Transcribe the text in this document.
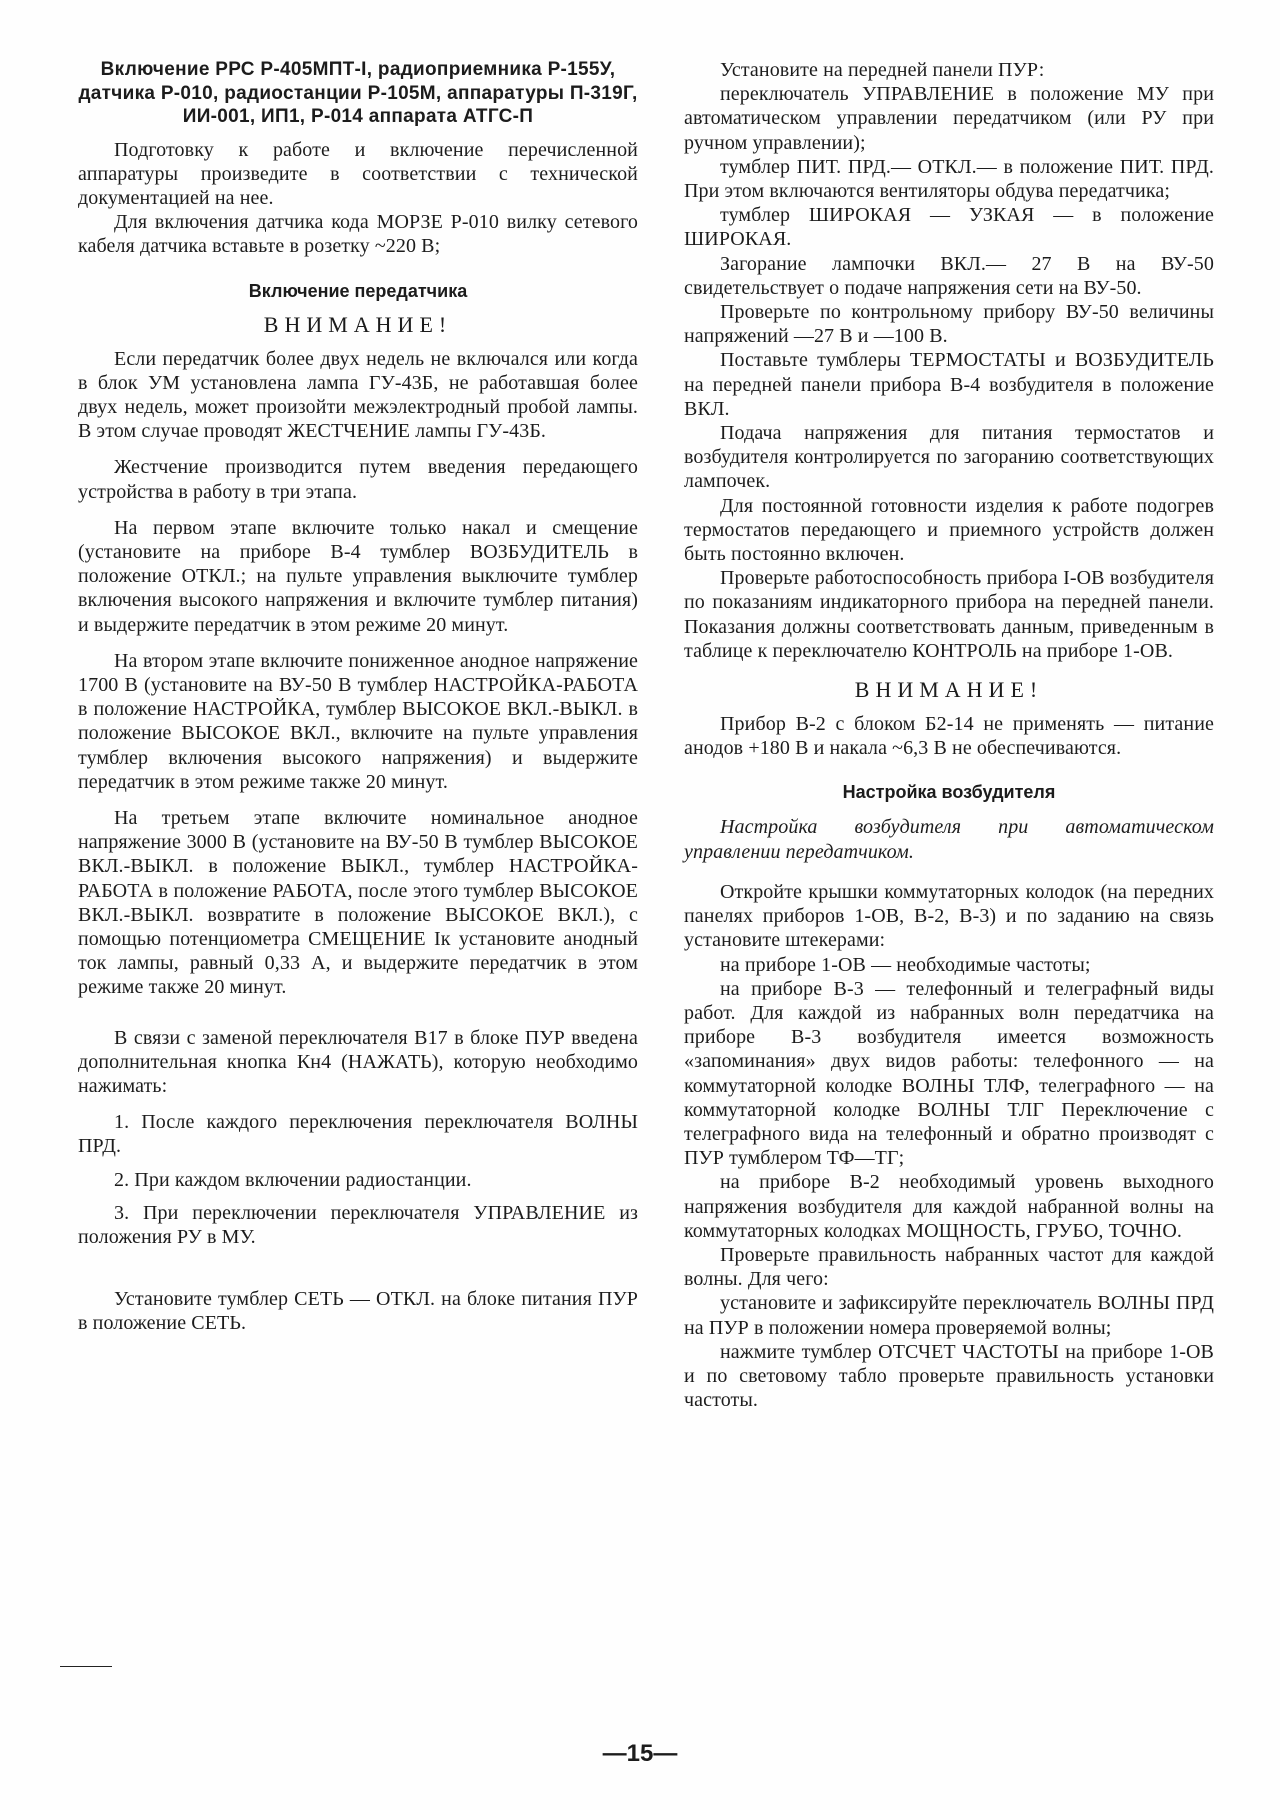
Включение РРС Р-405МПТ-I, радиоприемника Р-155У, датчика Р-010, радиостанции Р-105М, аппаратуры П-319Г, ИИ-001, ИП1, Р-014 аппарата АТГС-П

Подготовку к работе и включение перечисленной аппаратуры произведите в соответствии с технической документацией на нее.

Для включения датчика кода МОРЗЕ Р-010 вилку сетевого кабеля датчика вставьте в розетку ~220 В;

Включение передатчика
ВНИМАНИЕ!

Если передатчик более двух недель не включался или когда в блок УМ установлена лампа ГУ-43Б, не работавшая более двух недель, может произойти межэлектродный пробой лампы. В этом случае проводят ЖЕСТЧЕНИЕ лампы ГУ-43Б.

Жестчение производится путем введения передающего устройства в работу в три этапа.

На первом этапе включите только накал и смещение (установите на приборе В-4 тумблер ВОЗБУДИТЕЛЬ в положение ОТКЛ.; на пульте управления выключите тумблер включения высокого напряжения и включите тумблер питания) и выдержите передатчик в этом режиме 20 минут.

На втором этапе включите пониженное анодное напряжение 1700 В (установите на ВУ-50 В тумблер НАСТРОЙКА-РАБОТА в положение НАСТРОЙКА, тумблер ВЫСОКОЕ ВКЛ.-ВЫКЛ. в положение ВЫСОКОЕ ВКЛ., включите на пульте управления тумблер включения высокого напряжения) и выдержите передатчик в этом режиме также 20 минут.

На третьем этапе включите номинальное анодное напряжение 3000 В (установите на ВУ-50 В тумблер ВЫСОКОЕ ВКЛ.-ВЫКЛ. в положение ВЫКЛ., тумблер НАСТРОЙКА-РАБОТА в положение РАБОТА, после этого тумблер ВЫСОКОЕ ВКЛ.-ВЫКЛ. возвратите в положение ВЫСОКОЕ ВКЛ.), с помощью потенциометра СМЕЩЕНИЕ Ік установите анодный ток лампы, равный 0,33 А, и выдержите передатчик в этом режиме также 20 минут.

В связи с заменой переключателя В17 в блоке ПУР введена дополнительная кнопка Кн4 (НАЖАТЬ), которую необходимо нажимать:

1. После каждого переключения переключателя ВОЛНЫ ПРД.

2. При каждом включении радиостанции.

3. При переключении переключателя УПРАВЛЕНИЕ из положения РУ в МУ.

Установите тумблер СЕТЬ — ОТКЛ. на блоке питания ПУР в положение СЕТЬ.

Установите на передней панели ПУР:

переключатель УПРАВЛЕНИЕ в положение МУ при автоматическом управлении передатчиком (или РУ при ручном управлении);

тумблер ПИТ. ПРД.— ОТКЛ.— в положение ПИТ. ПРД. При этом включаются вентиляторы обдува передатчика;

тумблер ШИРОКАЯ — УЗКАЯ — в положение ШИРОКАЯ.

Загорание лампочки ВКЛ.— 27 В на ВУ-50 свидетельствует о подаче напряжения сети на ВУ-50.

Проверьте по контрольному прибору ВУ-50 величины напряжений —27 В и —100 В.

Поставьте тумблеры ТЕРМОСТАТЫ и ВОЗБУДИТЕЛЬ на передней панели прибора В-4 возбудителя в положение ВКЛ.

Подача напряжения для питания термостатов и возбудителя контролируется по загоранию соответствующих лампочек.

Для постоянной готовности изделия к работе подогрев термостатов передающего и приемного устройств должен быть постоянно включен.

Проверьте работоспособность прибора I-ОВ возбудителя по показаниям индикаторного прибора на передней панели. Показания должны соответствовать данным, приведенным в таблице к переключателю КОНТРОЛЬ на приборе 1-ОВ.

ВНИМАНИЕ!

Прибор В-2 с блоком Б2-14 не применять — питание анодов +180 В и накала ~6,3 В не обеспечиваются.

Настройка возбудителя

Настройка возбудителя при автоматическом управлении передатчиком.

Откройте крышки коммутаторных колодок (на передних панелях приборов 1-ОВ, В-2, В-3) и по заданию на связь установите штекерами:

на приборе 1-ОВ — необходимые частоты;

на приборе В-3 — телефонный и телеграфный виды работ. Для каждой из набранных волн передатчика на приборе В-3 возбудителя имеется возможность «запоминания» двух видов работы: телефонного — на коммутаторной колодке ВОЛНЫ ТЛФ, телеграфного — на коммутаторной колодке ВОЛНЫ ТЛГ Переключение с телеграфного вида на телефонный и обратно производят с ПУР тумблером ТФ—ТГ;

на приборе В-2 необходимый уровень выходного напряжения возбудителя для каждой набранной волны на коммутаторных колодках МОЩНОСТЬ, ГРУБО, ТОЧНО.

Проверьте правильность набранных частот для каждой волны. Для чего:

установите и зафиксируйте переключатель ВОЛНЫ ПРД на ПУР в положении номера проверяемой волны;

нажмите тумблер ОТСЧЕТ ЧАСТОТЫ на приборе 1-ОВ и по световому табло проверьте правильность установки частоты.

—15—
